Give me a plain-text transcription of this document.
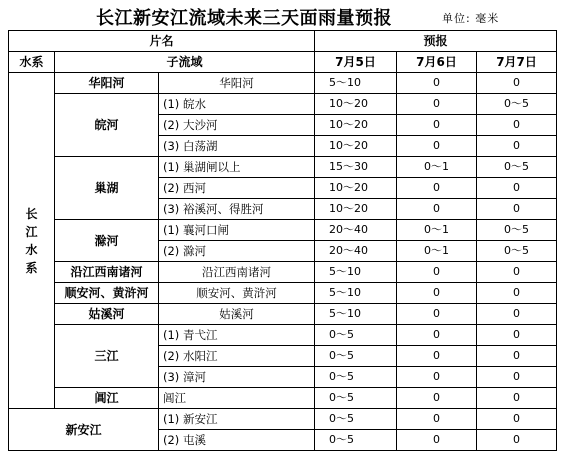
长江新安江流域未来三天面雨量预报	单位: 毫米
片名			预报		
水系	子流域		7月5日	7月6日	7月7日

长
江
水
系	华阳河	华阳河	5～10	0	0
	皖河	(1) 皖水	10～20	0	0～5
		(2) 大沙河	10～20	0	0
		(3) 白荡湖	10～20	0	0
	巢湖	(1) 巢湖闸以上	15～30	0～1	0～5
		(2) 西河	10～20	0	0
		(3) 裕溪河、得胜河	10～20	0	0
	滁河	(1) 襄河口闸	20～40	0～1	0～5
		(2) 滁河	20～40	0～1	0～5
	沿江西南诸河	沿江西南诸河	5～10	0	0
	顺安河、黄浒河	顺安河、黄浒河	5～10	0	0
	姑溪河	姑溪河	5～10	0	0
	三江	(1) 青弋江	0～5	0	0
		(2) 水阳江	0～5	0	0
		(3) 漳河	0～5	0	0
	阊江	阊江	0～5	0	0
新安江		(1) 新安江	0～5	0	0
		(2) 屯溪	0～5	0	0
